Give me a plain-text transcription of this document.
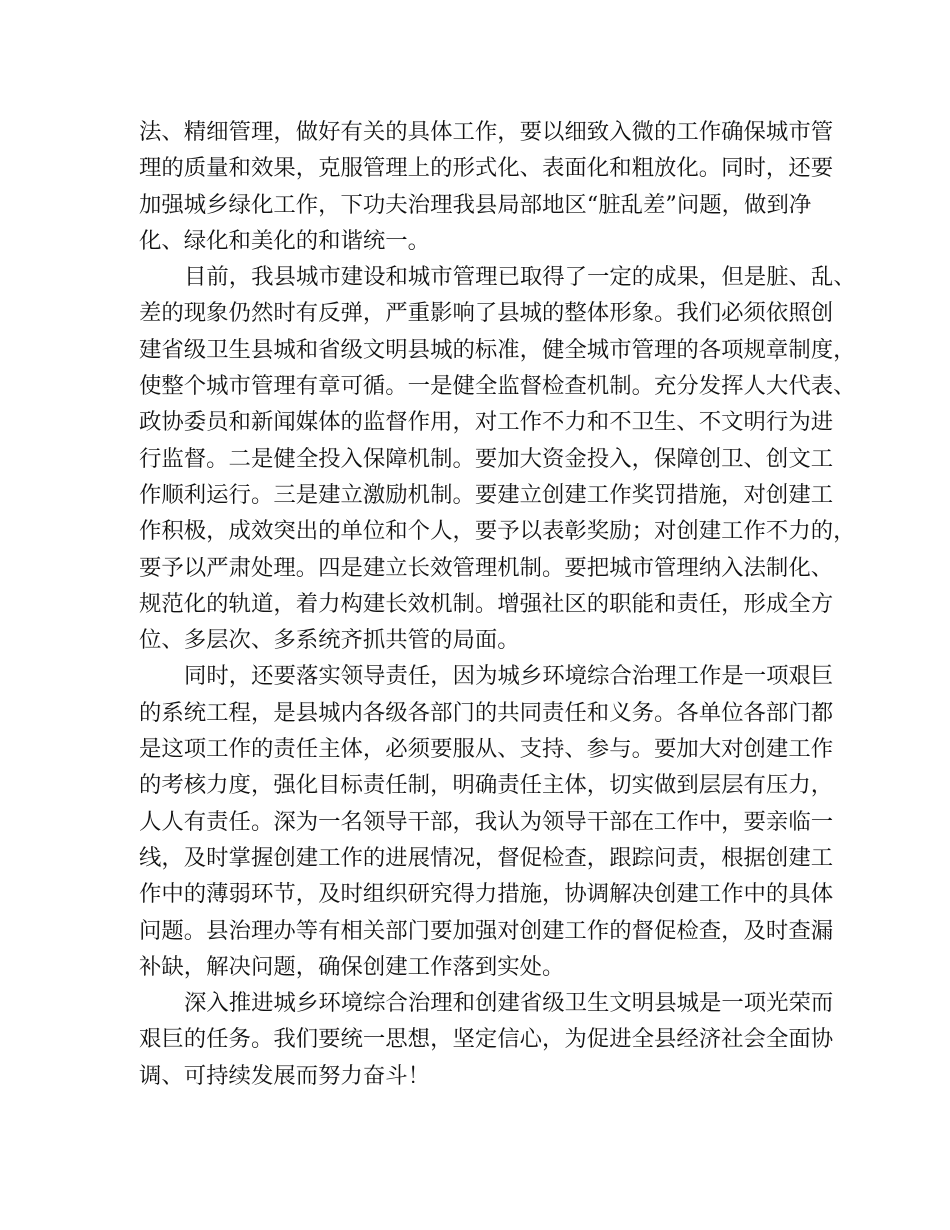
法、精细管理，做好有关的具体工作，要以细致入微的工作确保城市管
理的质量和效果，克服管理上的形式化、表面化和粗放化。同时，还要
加强城乡绿化工作，下功夫治理我县局部地区“脏乱差”问题，做到净
化、绿化和美化的和谐统一。
目前，我县城市建设和城市管理已取得了一定的成果，但是脏、乱、
差的现象仍然时有反弹，严重影响了县城的整体形象。我们必须依照创
建省级卫生县城和省级文明县城的标准，健全城市管理的各项规章制度，
使整个城市管理有章可循。一是健全监督检查机制。充分发挥人大代表、
政协委员和新闻媒体的监督作用，对工作不力和不卫生、不文明行为进
行监督。二是健全投入保障机制。要加大资金投入，保障创卫、创文工
作顺利运行。三是建立激励机制。要建立创建工作奖罚措施，对创建工
作积极，成效突出的单位和个人，要予以表彰奖励；对创建工作不力的，
要予以严肃处理。四是建立长效管理机制。要把城市管理纳入法制化、
规范化的轨道，着力构建长效机制。增强社区的职能和责任，形成全方
位、多层次、多系统齐抓共管的局面。
同时，还要落实领导责任，因为城乡环境综合治理工作是一项艰巨
的系统工程，是县城内各级各部门的共同责任和义务。各单位各部门都
是这项工作的责任主体，必须要服从、支持、参与。要加大对创建工作
的考核力度，强化目标责任制，明确责任主体，切实做到层层有压力，
人人有责任。深为一名领导干部，我认为领导干部在工作中，要亲临一
线，及时掌握创建工作的进展情况，督促检查，跟踪问责，根据创建工
作中的薄弱环节，及时组织研究得力措施，协调解决创建工作中的具体
问题。县治理办等有相关部门要加强对创建工作的督促检查，及时查漏
补缺，解决问题，确保创建工作落到实处。
深入推进城乡环境综合治理和创建省级卫生文明县城是一项光荣而
艰巨的任务。我们要统一思想，坚定信心，为促进全县经济社会全面协
调、可持续发展而努力奋斗！
